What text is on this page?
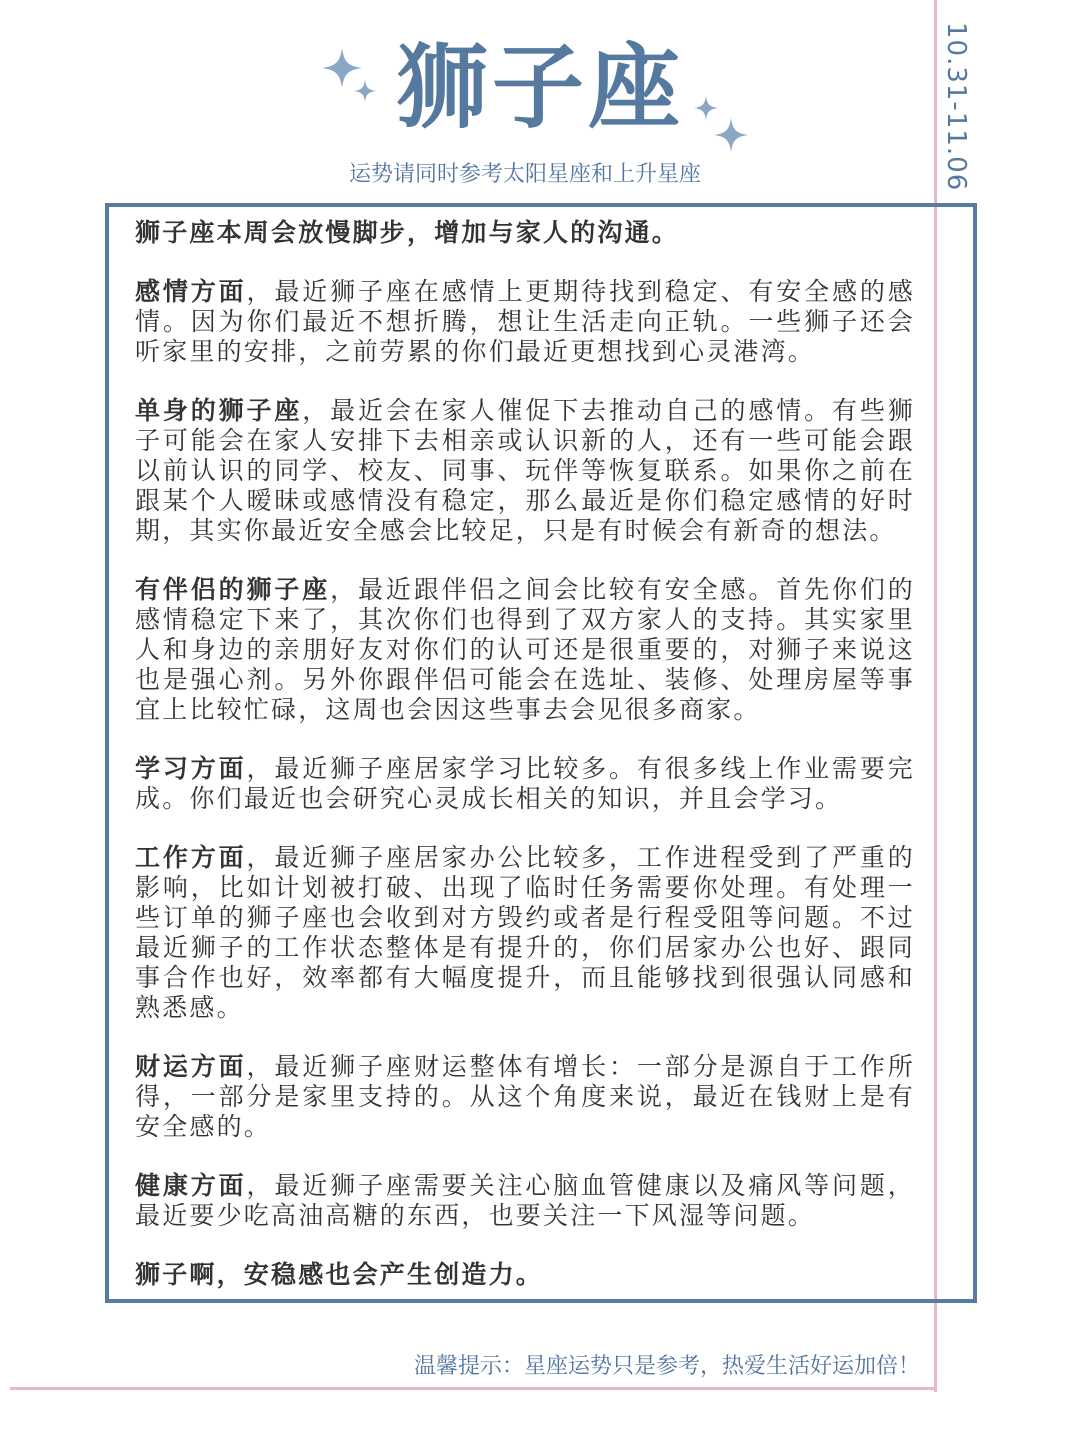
10.31-11.06
狮子座
运势请同时参考太阳星座和上升星座

狮子座本周会放慢脚步，增加与家人的沟通。

感情方面，最近狮子座在感情上更期待找到稳定、有安全感的感情。因为你们最近不想折腾，想让生活走向正轨。一些狮子还会听家里的安排，之前劳累的你们最近更想找到心灵港湾。

单身的狮子座，最近会在家人催促下去推动自己的感情。有些狮子可能会在家人安排下去相亲或认识新的人，还有一些可能会跟以前认识的同学、校友、同事、玩伴等恢复联系。如果你之前在跟某个人暧昧或感情没有稳定，那么最近是你们稳定感情的好时期，其实你最近安全感会比较足，只是有时候会有新奇的想法。

有伴侣的狮子座，最近跟伴侣之间会比较有安全感。首先你们的感情稳定下来了，其次你们也得到了双方家人的支持。其实家里人和身边的亲朋好友对你们的认可还是很重要的，对狮子来说这也是强心剂。另外你跟伴侣可能会在选址、装修、处理房屋等事宜上比较忙碌，这周也会因这些事去会见很多商家。

学习方面，最近狮子座居家学习比较多。有很多线上作业需要完成。你们最近也会研究心灵成长相关的知识，并且会学习。

工作方面，最近狮子座居家办公比较多，工作进程受到了严重的影响，比如计划被打破、出现了临时任务需要你处理。有处理一些订单的狮子座也会收到对方毁约或者是行程受阻等问题。不过最近狮子的工作状态整体是有提升的，你们居家办公也好、跟同事合作也好，效率都有大幅度提升，而且能够找到很强认同感和熟悉感。

财运方面，最近狮子座财运整体有增长：一部分是源自于工作所得，一部分是家里支持的。从这个角度来说，最近在钱财上是有安全感的。

健康方面，最近狮子座需要关注心脑血管健康以及痛风等问题，最近要少吃高油高糖的东西，也要关注一下风湿等问题。

狮子啊，安稳感也会产生创造力。

温馨提示：星座运势只是参考，热爱生活好运加倍！
